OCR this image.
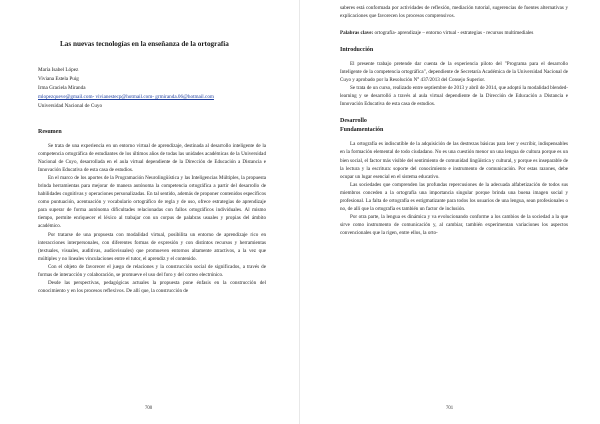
Las nuevas tecnologías en la enseñanza de la ortografía
María Isabel López
Viviana Estela Puig
Irma Graciela Miranda
mlopezqueve@gmail.com- vivianestecp@hotmail.com- grmiranda.06@hotmail.com
Universidad Nacional de Cuyo
Resumen

Se trata de una experiencia en un entorno virtual de aprendizaje, destinada al desarrollo inteligente de la competencia ortográfica de estudiantes de los últimos años de todas las unidades académicas de la Universidad Nacional de Cuyo, desarrollada en el aula virtual dependiente de la Dirección de Educación a Distancia e Innovación Educativa de esta casa de estudios.

En el marco de los aportes de la Programación Neurolingüística y las Inteligencias Múltiples, la propuesta brinda herramientas para mejorar de manera autónoma la competencia ortográfica a partir del desarrollo de habilidades cognitivas y operaciones personalizadas. En tal sentido, además de proponer contenidos específicos como puntuación, acentuación y vocabulario ortográfico de regla y de uso, ofrece estrategias de aprendizaje para superar de forma autónoma dificultades relacionadas con fallos ortográficos individuales. Al mismo tiempo, permite enriquecer el léxico al trabajar con un corpus de palabras usuales y propias del ámbito académico.

Por tratarse de una propuesta con modalidad virtual, posibilita un entorno de aprendizaje rico en interacciones interpersonales, con diferentes formas de expresión y con distintos recursos y herramientas (textuales, visuales, auditivas, audiovisuales) que promueven entornos altamente atractivos, a la vez que múltiples y no lineales vinculaciones entre el tutor, el aprendiz y el contenido.

Con el objeto de favorecer el juego de relaciones y la construcción social de significados, a través de formas de interacción y colaboración, se promueve el uso del foro y del correo electrónico.

Desde las perspectivas, pedagógicas actuales la propuesta pone énfasis en la construcción del conocimiento y en los procesos reflexivos. De allí que, la construcción de

700

saberes está conformada por actividades de reflexión, mediación tutorial, sugerencias de fuentes alternativas y explicaciones que favorecen los procesos comprensivos.

Palabras clave: ortografía- aprendizaje – entorno virtual - estrategias - recursos multimediales

Introducción

El presente trabajo pretende dar cuenta de la experiencia piloto del "Programa para el desarrollo Inteligente de la competencia ortográfica", dependiente de Secretaría Académica de la Universidad Nacional de Cuyo y aprobado por la Resolución N° 437/2013 del Consejo Superior.

Se trata de un curso, realizado entre septiembre de 2013 y abril de 2014, que adoptó la modalidad blended-learning y se desarrolló a través al aula virtual dependiente de la Dirección de Educación a Distancia e Innovación Educativa de esta casa de estudios.

Desarrollo
Fundamentación

La ortografía es indiscutible de la adquisición de las destrezas básicas para leer y escribir, indispensables en la formación elemental de todo ciudadano. No es una cuestión menor un una lengua de cultura porque es un bien social, el factor más visible del sentimiento de comunidad lingüística y cultural, y porque es inseparable de la lectura y la escritura: soporte del conocimiento e instrumento de comunicación. Por estas razones, debe ocupar un lugar esencial en el sistema educativo.

Las sociedades que comprenden las profundas repercusiones de la adecuada alfabetización de todos sus miembros conceden a la ortografía una importancia singular porque brinda una buena imagen social y profesional. La falta de ortografía es estigmatizante para todos los usuarios de una lengua, sean profesionales o no, de allí que la ortografía es también un factor de inclusión.

Por otra parte, la lengua es dinámica y va evolucionando conforme a los cambios de la sociedad a la que sirve como instrumento de comunicación y, al cambiar, también experimentan variaciones los aspectos convencionales que la rigen, entre ellos, la orto-

701
